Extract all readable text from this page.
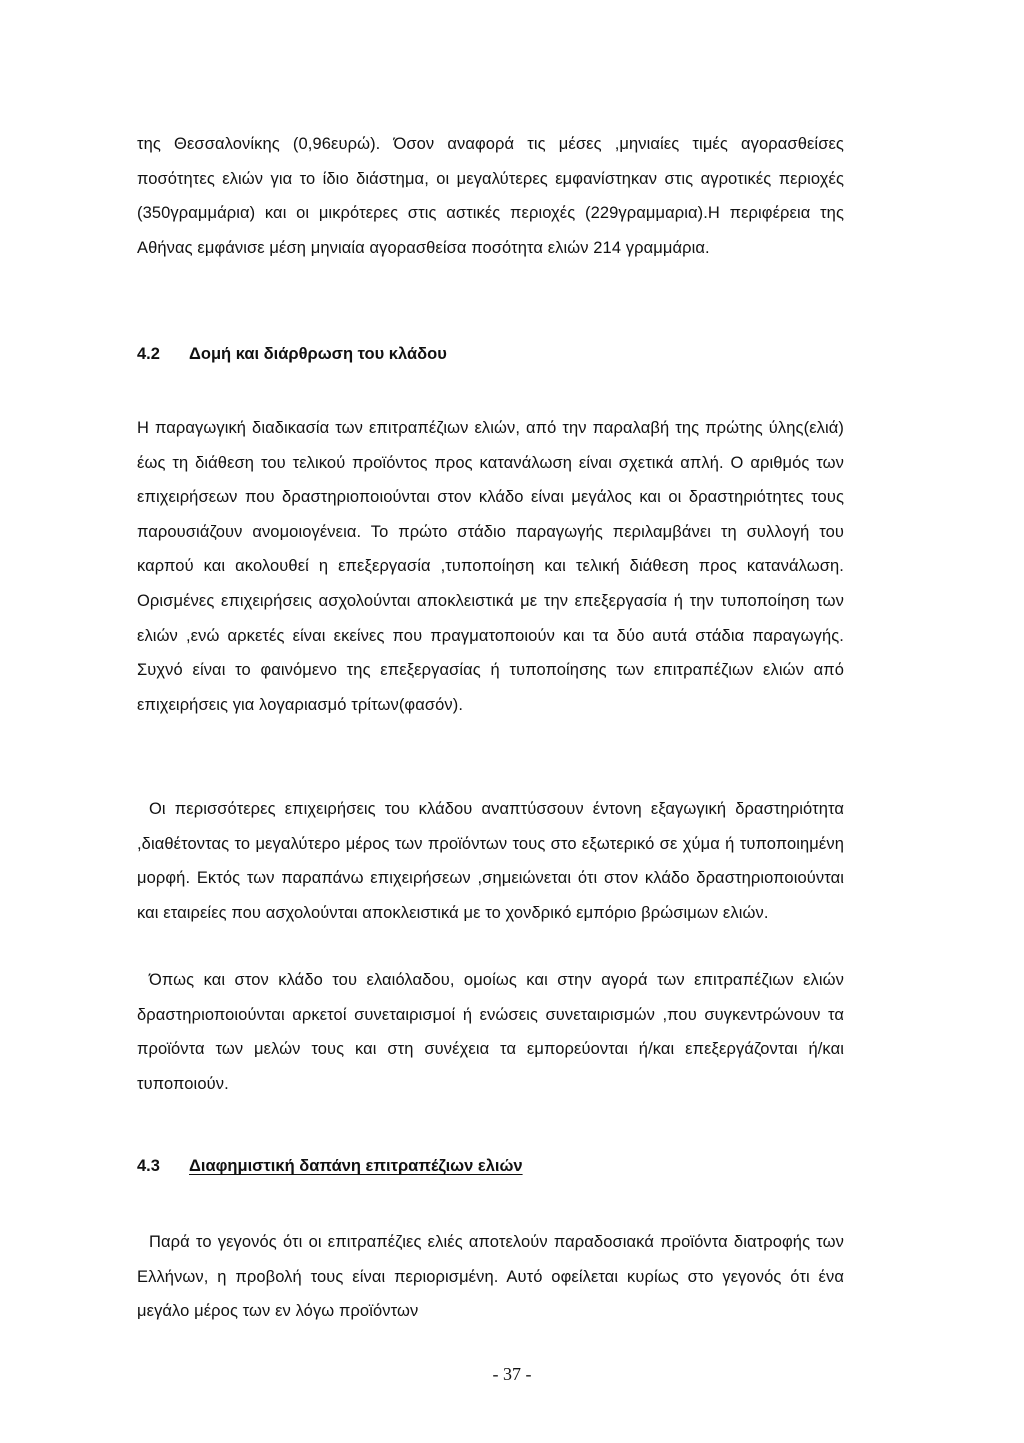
της Θεσσαλονίκης (0,96ευρώ). Όσον αναφορά τις μέσες ,μηνιαίες τιμές αγορασθείσες ποσότητες ελιών για το ίδιο διάστημα, οι μεγαλύτερες εμφανίστηκαν στις αγροτικές περιοχές (350γραμμάρια) και οι μικρότερες στις αστικές περιοχές (229γραμμαρια).Η περιφέρεια της Αθήνας εμφάνισε μέση μηνιαία αγορασθείσα ποσότητα ελιών 214 γραμμάρια.

4.2 Δομή και διάρθρωση του κλάδου

Η παραγωγική διαδικασία των επιτραπέζιων ελιών, από την παραλαβή της πρώτης ύλης(ελιά) έως τη διάθεση του τελικού προϊόντος προς κατανάλωση είναι σχετικά απλή. Ο αριθμός των επιχειρήσεων που δραστηριοποιούνται στον κλάδο είναι μεγάλος και οι δραστηριότητες τους παρουσιάζουν ανομοιογένεια. Το πρώτο στάδιο παραγωγής περιλαμβάνει τη συλλογή του καρπού και ακολουθεί η επεξεργασία ,τυποποίηση και τελική διάθεση προς κατανάλωση. Ορισμένες επιχειρήσεις ασχολούνται αποκλειστικά με την επεξεργασία ή την τυποποίηση των ελιών ,ενώ αρκετές είναι εκείνες που πραγματοποιούν και τα δύο αυτά στάδια παραγωγής. Συχνό είναι το φαινόμενο της επεξεργασίας ή τυποποίησης των επιτραπέζιων ελιών από επιχειρήσεις για λογαριασμό τρίτων(φασόν).

Οι περισσότερες επιχειρήσεις του κλάδου αναπτύσσουν έντονη εξαγωγική δραστηριότητα ,διαθέτοντας το μεγαλύτερο μέρος των προϊόντων τους στο εξωτερικό σε χύμα ή τυποποιημένη μορφή. Εκτός των παραπάνω επιχειρήσεων ,σημειώνεται ότι στον κλάδο δραστηριοποιούνται και εταιρείες που ασχολούνται αποκλειστικά με το χονδρικό εμπόριο βρώσιμων ελιών.

Όπως και στον κλάδο του ελαιόλαδου, ομοίως και στην αγορά των επιτραπέζιων ελιών δραστηριοποιούνται αρκετοί συνεταιρισμοί ή ενώσεις συνεταιρισμών ,που συγκεντρώνουν τα προϊόντα των μελών τους και στη συνέχεια τα εμπορεύονται ή/και επεξεργάζονται ή/και τυποποιούν.

4.3 Διαφημιστική δαπάνη επιτραπέζιων ελιών

Παρά το γεγονός ότι οι επιτραπέζιες ελιές αποτελούν παραδοσιακά προϊόντα διατροφής των Ελλήνων, η προβολή τους είναι περιορισμένη. Αυτό οφείλεται κυρίως στο γεγονός ότι ένα μεγάλο μέρος των εν λόγω προϊόντων

- 37 -
